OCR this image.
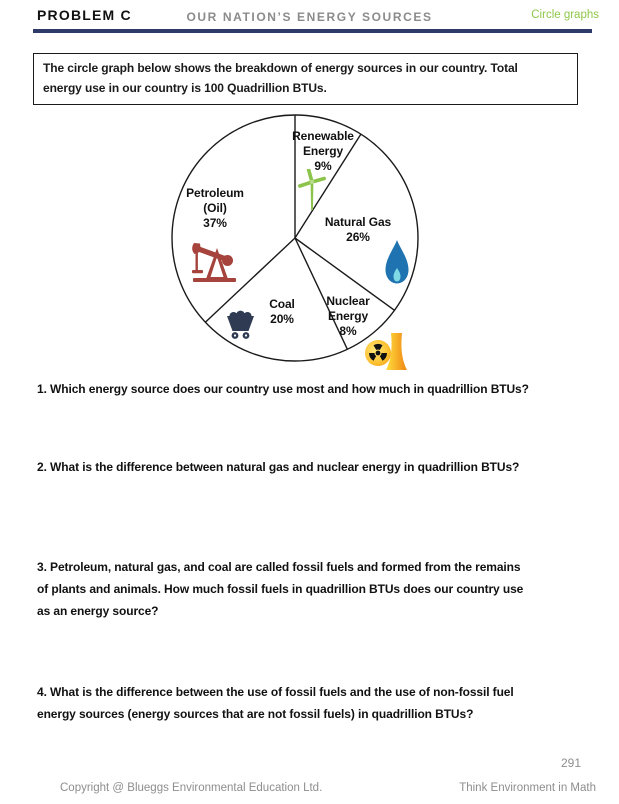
PROBLEM C	OUR NATION’S ENERGY SOURCES	Circle graphs
The circle graph below shows the breakdown of energy sources in our country. Total
energy use in our country is 100 Quadrillion BTUs.
Renewable Energy
9%
Natural Gas
26%
Nuclear Energy
8%
Coal
20%
Petroleum (Oil)
37%
1. Which energy source does our country use most and how much in quadrillion BTUs?
2. What is the difference between natural gas and nuclear energy in quadrillion BTUs?
3. Petroleum, natural gas, and coal are called fossil fuels and formed from the remains
of plants and animals. How much fossil fuels in quadrillion BTUs does our country use
as an energy source?
4. What is the difference between the use of fossil fuels and the use of non-fossil fuel
energy sources (energy sources that are not fossil fuels) in quadrillion BTUs?
291
Copyright @ Blueggs Environmental Education Ltd.	Think Environment in Math
